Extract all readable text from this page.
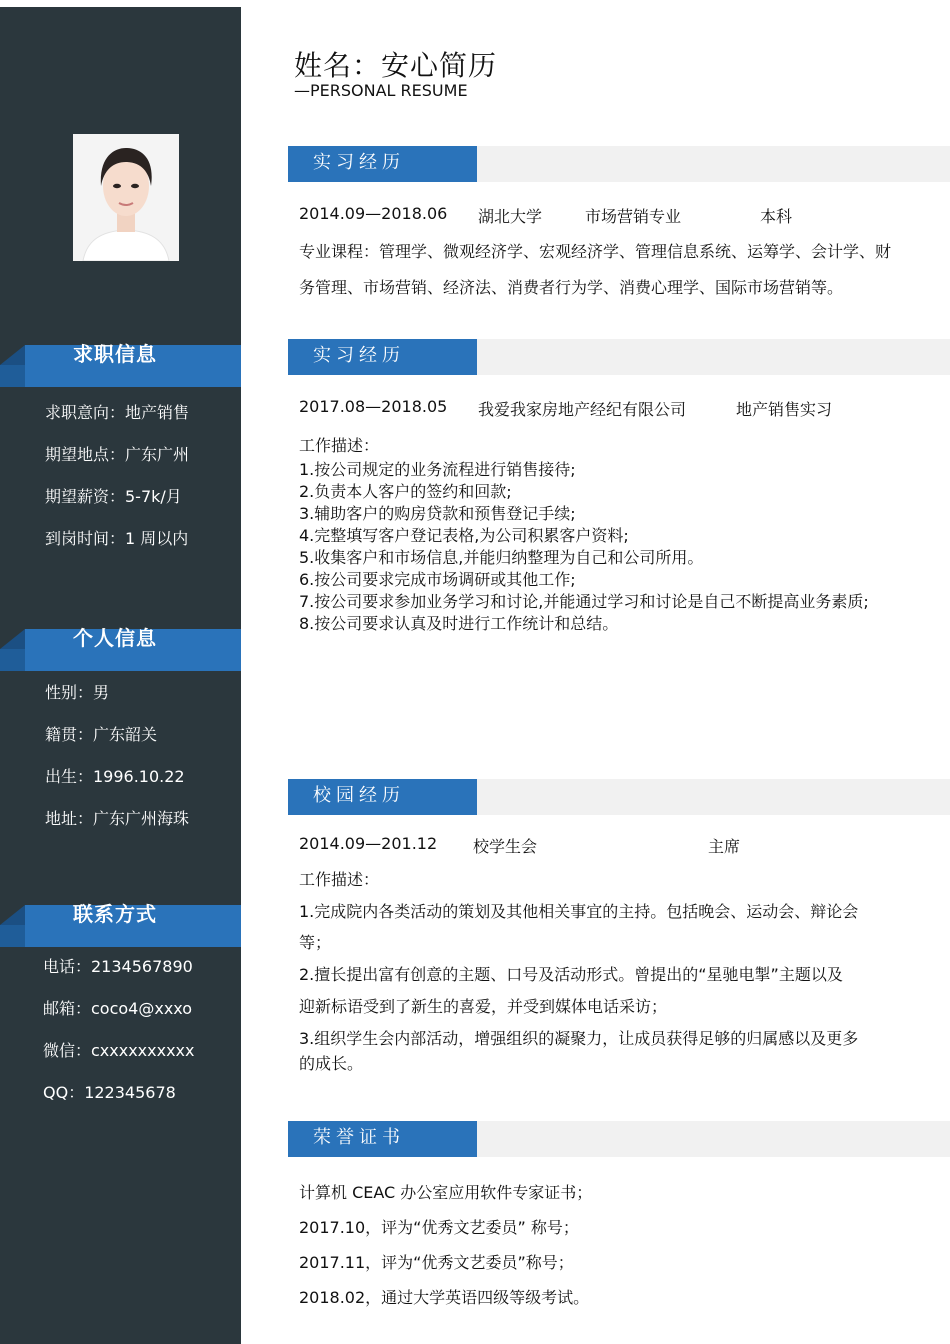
求职信息
求职意向：地产销售
期望地点：广东广州
期望薪资：5-7k/月
到岗时间：1 周以内
个人信息
性别：男
籍贯：广东韶关
出生：1996.10.22
地址：广东广州海珠
联系方式
电话：2134567890
邮箱：coco4@xxxo
微信：cxxxxxxxxxx
QQ：122345678
姓名：安心简历
—PERSONAL RESUME
实习经历
2014.09—2018.06 湖北大学	市场营销专业	本科
专业课程：管理学、微观经济学、宏观经济学、管理信息系统、运筹学、会计学、财
务管理、市场营销、经济法、消费者行为学、消费心理学、国际市场营销等。
实习经历
2017.08—2018.05 我爱我家房地产经纪有限公司	地产销售实习
工作描述：
1.按公司规定的业务流程进行销售接待;
2.负责本人客户的签约和回款;
3.辅助客户的购房贷款和预售登记手续;
4.完整填写客户登记表格,为公司积累客户资料;
5.收集客户和市场信息,并能归纳整理为自己和公司所用。
6.按公司要求完成市场调研或其他工作;
7.按公司要求参加业务学习和讨论,并能通过学习和讨论是自己不断提高业务素质;
8.按公司要求认真及时进行工作统计和总结。
校园经历
2014.09—201.12 校学生会	主席
工作描述：
1.完成院内各类活动的策划及其他相关事宜的主持。包括晚会、运动会、辩论会
等；
2.擅长提出富有创意的主题、口号及活动形式。曾提出的“星驰电掣”主题以及
迎新标语受到了新生的喜爱，并受到媒体电话采访；
3.组织学生会内部活动，增强组织的凝聚力，让成员获得足够的归属感以及更多
的成长。
荣誉证书
计算机 CEAC 办公室应用软件专家证书；
2017.10，评为“优秀文艺委员” 称号；
2017.11，评为“优秀文艺委员”称号；
2018.02，通过大学英语四级等级考试。
